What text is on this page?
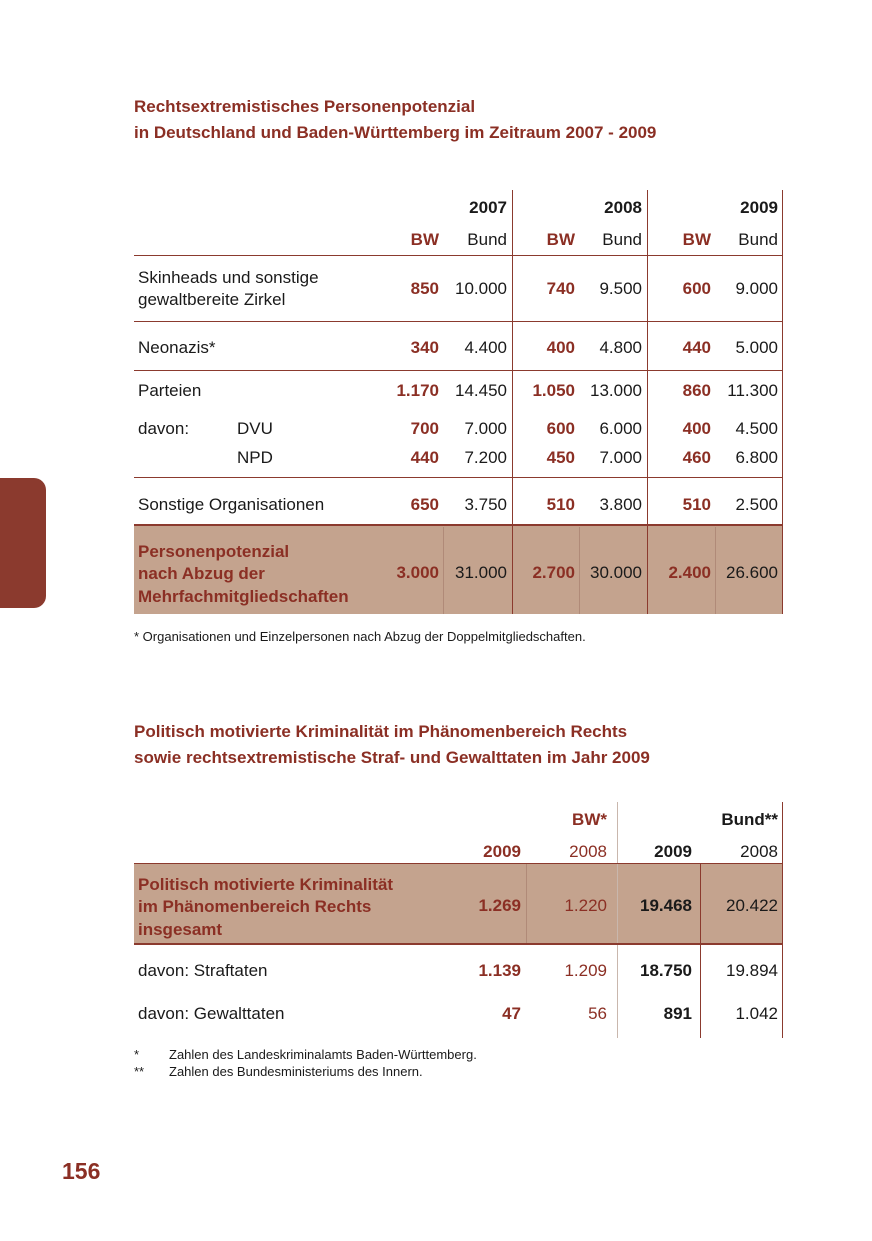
Rechtsextremistisches Personenpotenzial
in Deutschland und Baden-Württemberg im Zeitraum 2007 - 2009
2007	2008	2009
BW	Bund	BW	Bund	BW	Bund
Skinheads und sonstige
gewaltbereite Zirkel
850 10.000	740	9.500	600	9.000
Neonazis*	340	4.400	400	4.800	440	5.000
Parteien	1.170 14.450	1.050 13.000	860 11.300
davon:	DVU	700	7.000	600	6.000	400	4.500
NPD	440	7.200	450	7.000	460	6.800
Sonstige Organisationen	650	3.750	510	3.800	510	2.500
Personenpotenzial
nach Abzug der
Mehrfachmitgliedschaften
3.000 31.000	2.700 30.000	2.400 26.600
* Organisationen und Einzelpersonen nach Abzug der Doppelmitgliedschaften.
Politisch motivierte Kriminalität im Phänomenbereich Rechts
sowie rechtsextremistische Straf- und Gewalttaten im Jahr 2009
BW*	Bund**
2009	2008	2009	2008
Politisch motivierte Kriminalität
im Phänomenbereich Rechts
insgesamt
1.269	1.220	19.468	20.422
davon: Straftaten	1.139	1.209	18.750	19.894
davon: Gewalttaten	47	56	891	1.042
* Zahlen des Landeskriminalamts Baden-Württemberg.
** Zahlen des Bundesministeriums des Innern.
156
